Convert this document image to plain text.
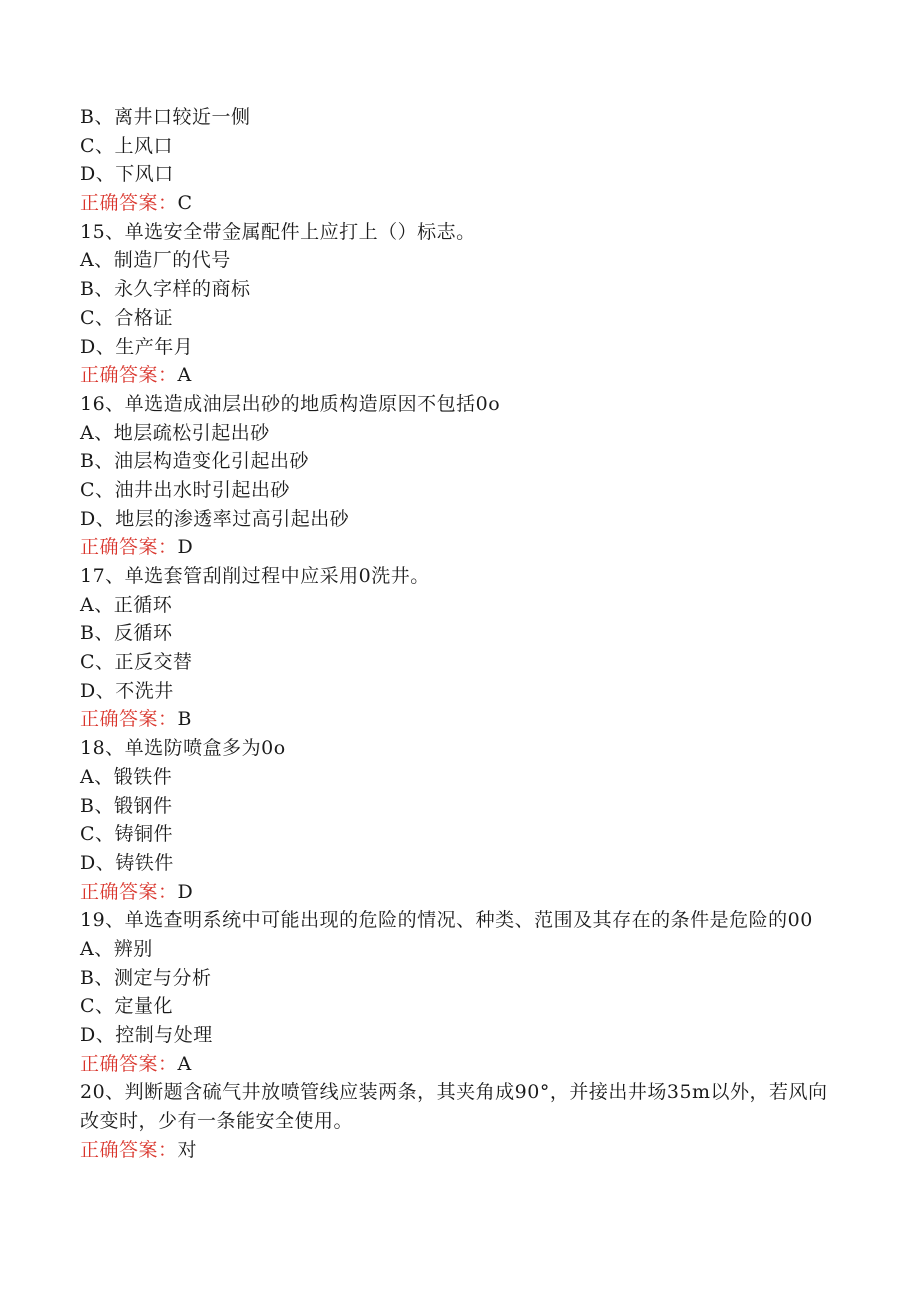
B、离井口较近一侧
C、上风口
D、下风口
正确答案：C
15、单选安全带金属配件上应打上（）标志。
A、制造厂的代号
B、永久字样的商标
C、合格证
D、生产年月
正确答案：A
16、单选造成油层出砂的地质构造原因不包括0o
A、地层疏松引起出砂
B、油层构造变化引起出砂
C、油井出水时引起出砂
D、地层的渗透率过高引起出砂
正确答案：D
17、单选套管刮削过程中应采用0洗井。
A、正循环
B、反循环
C、正反交替
D、不洗井
正确答案：B
18、单选防喷盒多为0o
A、锻铁件
B、锻钢件
C、铸铜件
D、铸铁件
正确答案：D
19、单选查明系统中可能出现的危险的情况、种类、范围及其存在的条件是危险的00
A、辨别
B、测定与分析
C、定量化
D、控制与处理
正确答案：A
20、判断题含硫气井放喷管线应装两条，其夹角成90°，并接出井场35m以外，若风向改变时，少有一条能安全使用。
正确答案：对
